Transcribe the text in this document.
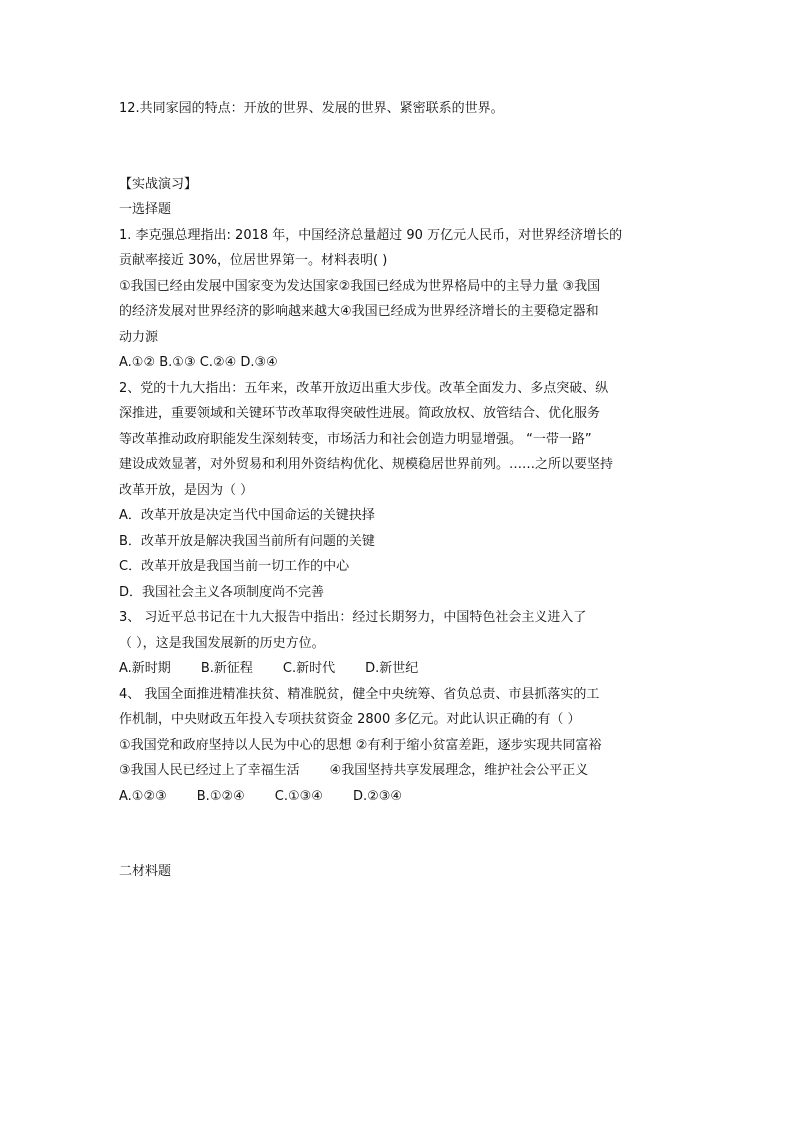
12.共同家园的特点：开放的世界、发展的世界、紧密联系的世界。

【实战演习】

一选择题

1. 李克强总理指出: 2018 年，中国经济总量超过 90 万亿元人民币，对世界经济增长的

贡献率接近 30%，位居世界第一。材料表明( )

①我国已经由发展中国家变为发达国家②我国已经成为世界格局中的主导力量 ③我国

的经济发展对世界经济的影响越来越大④我国已经成为世界经济增长的主要稳定器和

动力源

A.①② B.①③ C.②④ D.③④

2、党的十九大指出：五年来，改革开放迈出重大步伐。改革全面发力、多点突破、纵

深推进，重要领域和关键环节改革取得突破性进展。简政放权、放管结合、优化服务

等改革推动政府职能发生深刻转变，市场活力和社会创造力明显增强。 “一带一路”

建设成效显著，对外贸易和利用外资结构优化、规模稳居世界前列。……之所以要坚持

改革开放，是因为（ ）

A．改革开放是决定当代中国命运的关键抉择

B．改革开放是解决我国当前所有问题的关键

C．改革开放是我国当前一切工作的中心

D．我国社会主义各项制度尚不完善

3、 习近平总书记在十九大报告中指出：经过长期努力，中国特色社会主义进入了

（ ），这是我国发展新的历史方位。

A.新时期 B.新征程 C.新时代 D.新世纪

4、 我国全面推进精准扶贫、精准脱贫，健全中央统筹、省负总责、市县抓落实的工

作机制，中央财政五年投入专项扶贫资金 2800 多亿元。对此认识正确的有（ ）

①我国党和政府坚持以人民为中心的思想 ②有利于缩小贫富差距，逐步实现共同富裕

③我国人民已经过上了幸福生活 ④我国坚持共享发展理念，维护社会公平正义

A.①②③ B.①②④ C.①③④ D.②③④

二材料题
